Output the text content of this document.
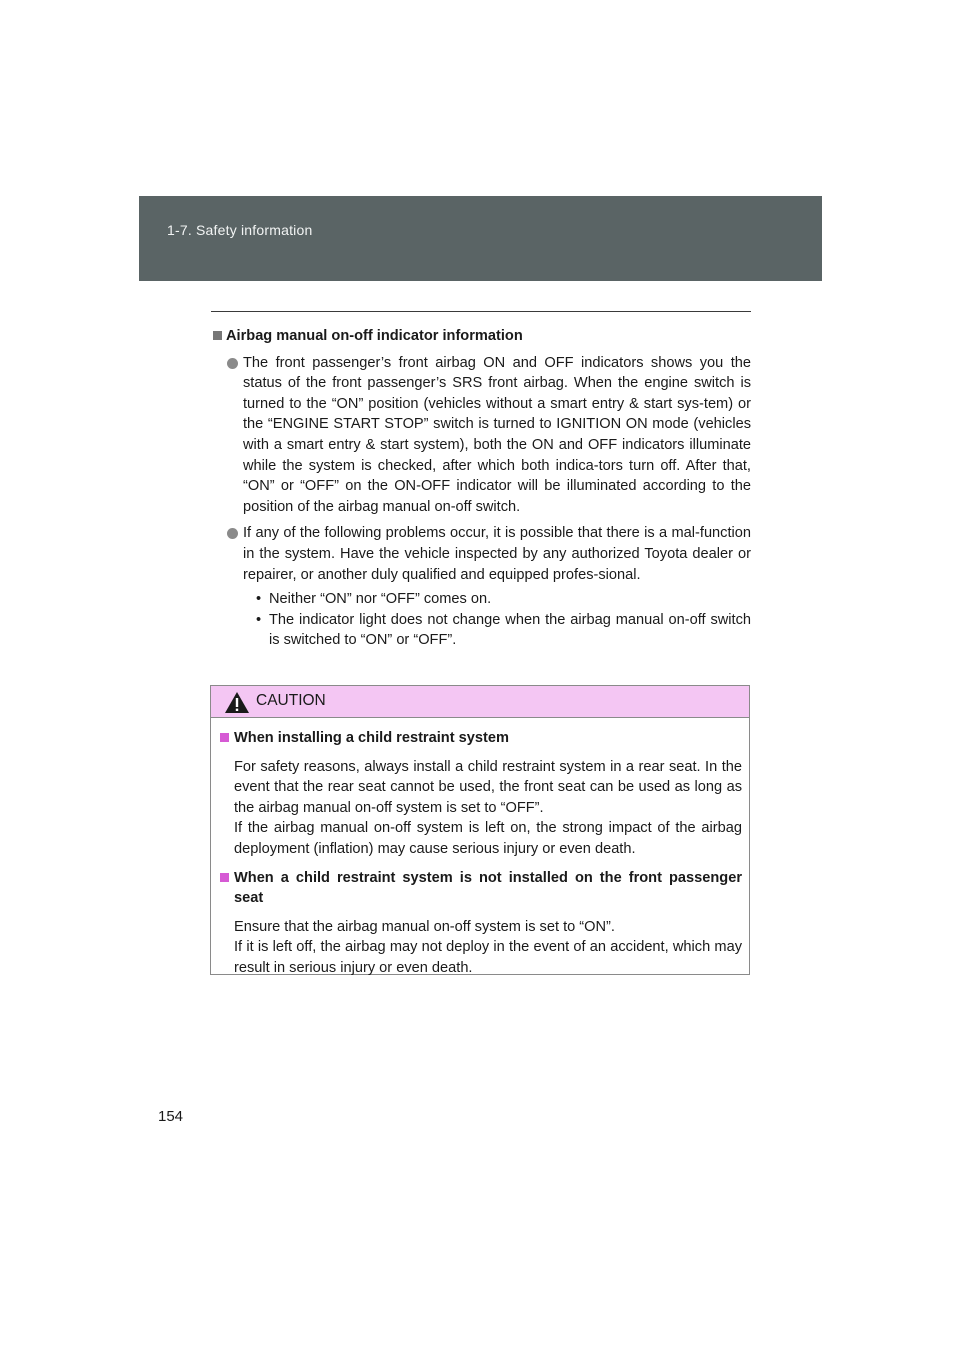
1-7. Safety information
Airbag manual on-off indicator information
The front passenger’s front airbag ON and OFF indicators shows you the status of the front passenger’s SRS front airbag. When the engine switch is turned to the “ON” position (vehicles without a smart entry & start sys-tem) or the “ENGINE START STOP” switch is turned to IGNITION ON mode (vehicles with a smart entry & start system), both the ON and OFF indicators illuminate while the system is checked, after which both indica-tors turn off. After that, “ON” or “OFF” on the ON-OFF indicator will be illuminated according to the position of the airbag manual on-off switch.
If any of the following problems occur, it is possible that there is a mal-function in the system. Have the vehicle inspected by any authorized Toyota dealer or repairer, or another duly qualified and equipped profes-sional.
• Neither “ON” nor “OFF” comes on.
• The indicator light does not change when the airbag manual on-off switch is switched to “ON” or “OFF”.
CAUTION
When installing a child restraint system
For safety reasons, always install a child restraint system in a rear seat. In the event that the rear seat cannot be used, the front seat can be used as long as the airbag manual on-off system is set to “OFF”.
If the airbag manual on-off system is left on, the strong impact of the airbag deployment (inflation) may cause serious injury or even death.
When a child restraint system is not installed on the front passenger seat
Ensure that the airbag manual on-off system is set to “ON”.
If it is left off, the airbag may not deploy in the event of an accident, which may result in serious injury or even death.
154
